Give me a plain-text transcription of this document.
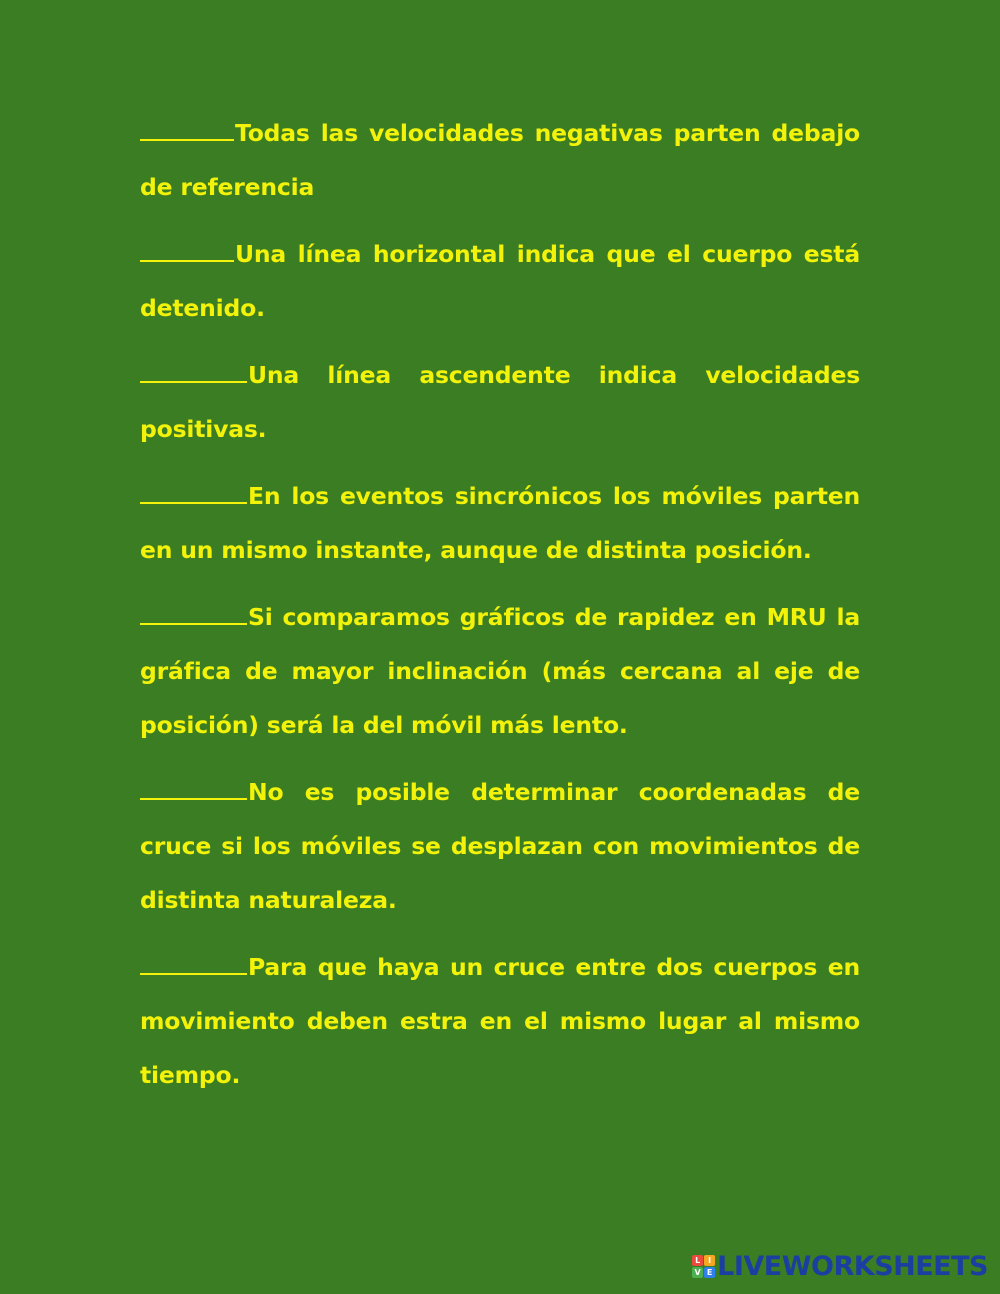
Todas las velocidades negativas parten debajo de referencia

Una línea horizontal indica que el cuerpo está detenido.

Una línea ascendente indica velocidades positivas.

En los eventos sincrónicos los móviles parten en un mismo instante, aunque de distinta posición.

Si comparamos gráficos de rapidez en MRU la gráfica de mayor inclinación (más cercana al eje de posición) será la del móvil más lento.

No es posible determinar coordenadas de cruce si los móviles se desplazan con movimientos de distinta naturaleza.

Para que haya un cruce entre dos cuerpos en movimiento deben estra en el mismo lugar al mismo tiempo.

L I
V E LIVEWORKSHEETS
